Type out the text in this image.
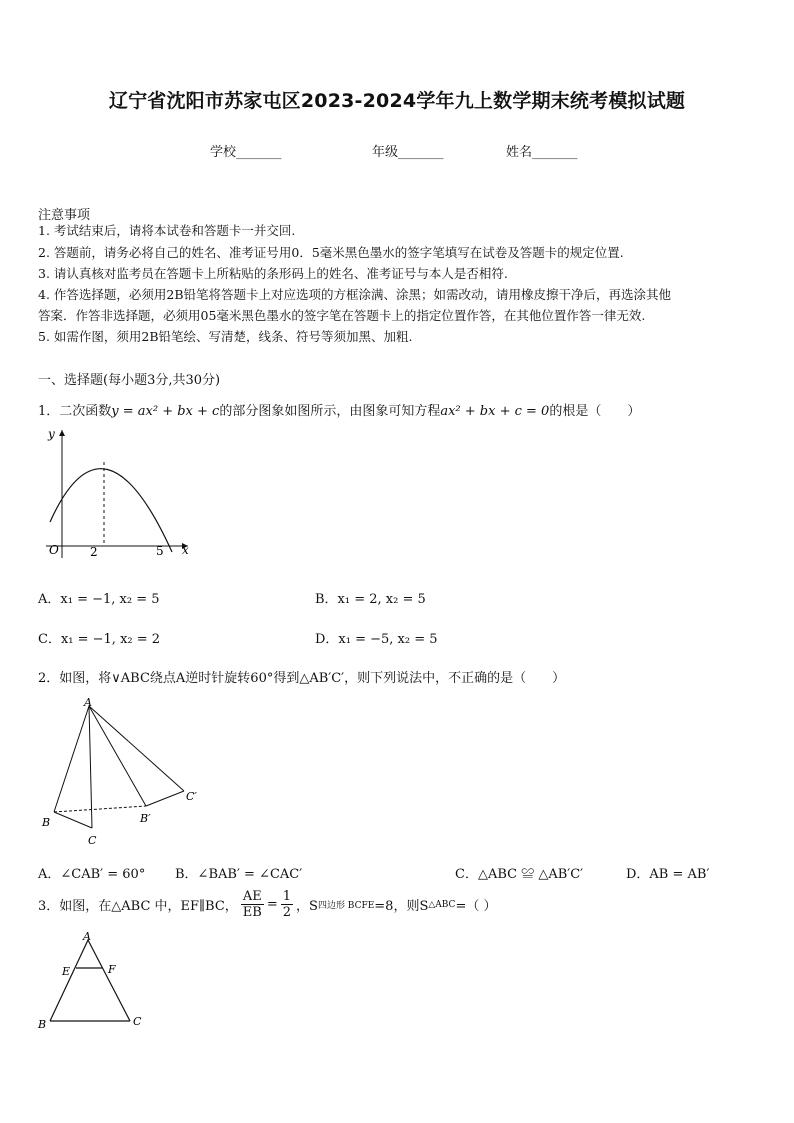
辽宁省沈阳市苏家屯区2023-2024学年九上数学期末统考模拟试题
学校_______	年级_______	姓名_______
注意事项
1. 考试结束后，请将本试卷和答题卡一并交回.
2. 答题前，请务必将自己的姓名、准考证号用0．5毫米黑色墨水的签字笔填写在试卷及答题卡的规定位置.
3. 请认真核对监考员在答题卡上所粘贴的条形码上的姓名、准考证号与本人是否相符.
4. 作答选择题，必须用2B铅笔将答题卡上对应选项的方框涂满、涂黑；如需改动，请用橡皮擦干净后，再选涂其他
答案．作答非选择题，必须用05毫米黑色墨水的签字笔在答题卡上的指定位置作答，在其他位置作答一律无效.
5. 如需作图，须用2B铅笔绘、写清楚，线条、符号等须加黑、加粗.
一、选择题(每小题3分,共30分)
1．二次函数y = ax² + bx + c的部分图象如图所示，由图象可知方程ax² + bx + c = 0的根是（　　）
y
x
O	2	5
A．x₁ = −1, x₂ = 5	B．x₁ = 2, x₂ = 5
C．x₁ = −1, x₂ = 2	D．x₁ = −5, x₂ = 5
2．如图，将∨ABC绕点A逆时针旋转60°得到△AB′C′，则下列说法中，不正确的是（　　）
A
B
C
B′
C′
A．∠CAB′ = 60° B．∠BAB′ = ∠CAC′	C．△ABC ≌ △AB′C′	D．AB = AB′
3．如图，在△ABC 中，EF∥BC， $\frac{AE}{EB} = \frac{1}{2}$ ，S 四边形 BCFE =8，则S △ABC =（ ）
A
E	F
B	C
